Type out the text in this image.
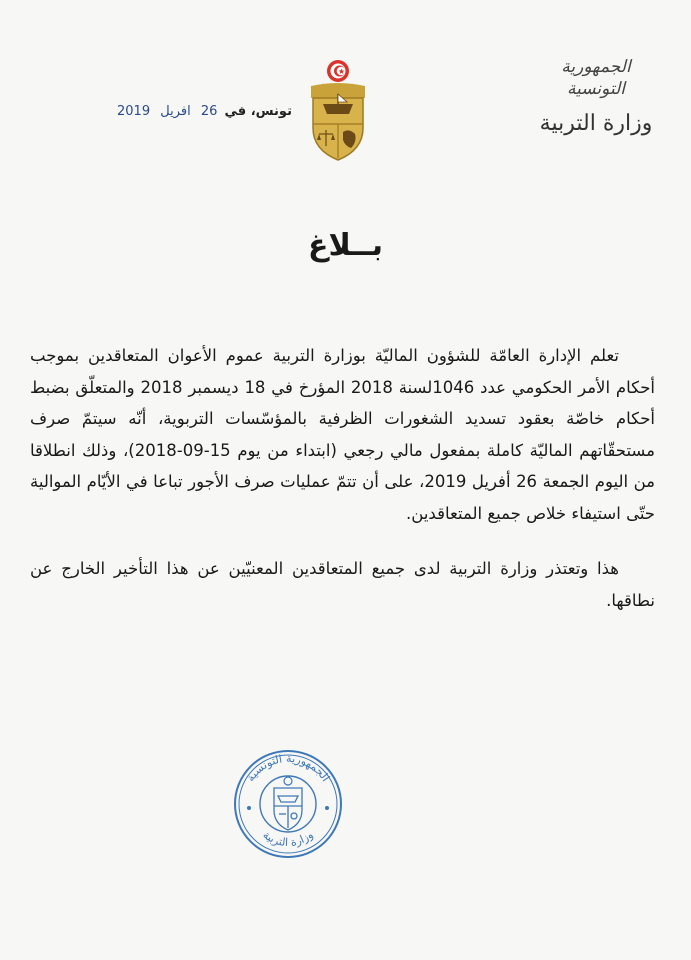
الجمهورية التونسية
وزارة التربية
تونس، في 26 افريل 2019
بــلاغ

تعلم الإدارة العامّة للشؤون الماليّة بوزارة التربية عموم الأعوان المتعاقدين بموجب أحكام الأمر الحكومي عدد 1046لسنة 2018 المؤرخ في 18 ديسمبر 2018 والمتعلّق بضبط أحكام خاصّة بعقود تسديد الشغورات الظرفية بالمؤسّسات التربوية، أنّه سيتمّ صرف مستحقّاتهم الماليّة كاملة بمفعول مالي رجعي (ابتداء من يوم 15-09-2018)، وذلك انطلاقا من اليوم الجمعة 26 أفريل 2019، على أن تتمّ عمليات صرف الأجور تباعا في الأيّام الموالية حتّى استيفاء خلاص جميع المتعاقدين.

هذا وتعتذر وزارة التربية لدى جميع المتعاقدين المعنيّين عن هذا التأخير الخارج عن نطاقها.

الجمهورية التونسية
وزارة التربية
